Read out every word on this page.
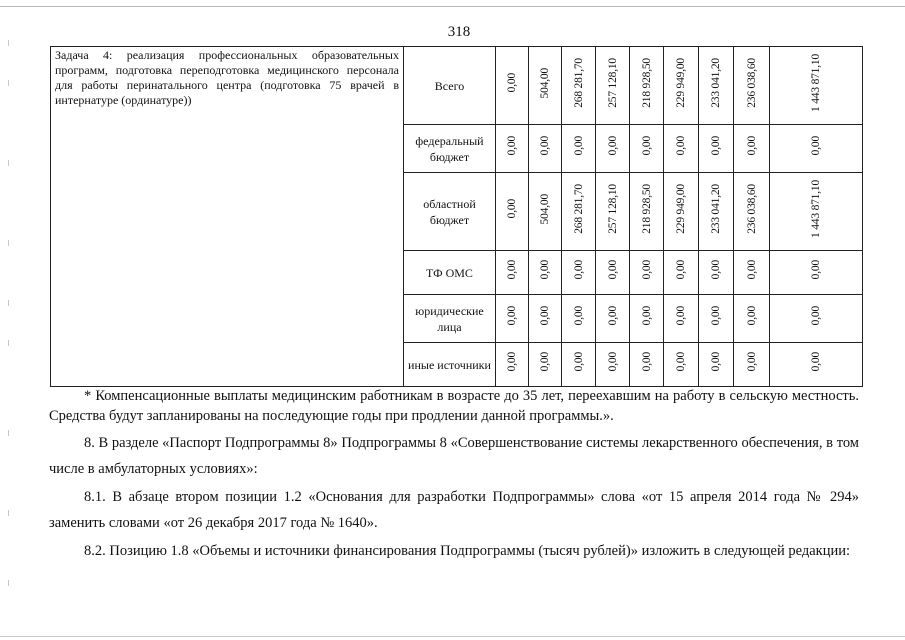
318
Задача 4: реализация профессиональных образовательных программ, подготовка переподготовка медицинского персонала для работы перинатального центра (подготовка 75 врачей в интернатуре (ординатуре))	Всего	0,00	504,00	268 281,70	257 128,10	218 928,50	229 949,00	233 041,20	236 038,60	1 443 871,10
	федеральный бюджет	0,00	0,00	0,00	0,00	0,00	0,00	0,00	0,00	0,00
	областной бюджет	0,00	504,00	268 281,70	257 128,10	218 928,50	229 949,00	233 041,20	236 038,60	1 443 871,10
	ТФ ОМС	0,00	0,00	0,00	0,00	0,00	0,00	0,00	0,00	0,00
	юридические лица	0,00	0,00	0,00	0,00	0,00	0,00	0,00	0,00	0,00
	иные источники	0,00	0,00	0,00	0,00	0,00	0,00	0,00	0,00	0,00
* Компенсационные выплаты медицинским работникам в возрасте до 35 лет, переехавшим на работу в сельскую местность. Средства будут запланированы на последующие годы при продлении данной программы.».
8. В разделе «Паспорт Подпрограммы 8» Подпрограммы 8 «Совершенствование системы лекарственного обеспечения, в том числе в амбулаторных условиях»:
8.1. В абзаце втором позиции 1.2 «Основания для разработки Подпрограммы» слова «от 15 апреля 2014 года № 294» заменить словами «от 26 декабря 2017 года № 1640».
8.2. Позицию 1.8 «Объемы и источники финансирования Подпрограммы (тысяч рублей)» изложить в следующей редакции:
